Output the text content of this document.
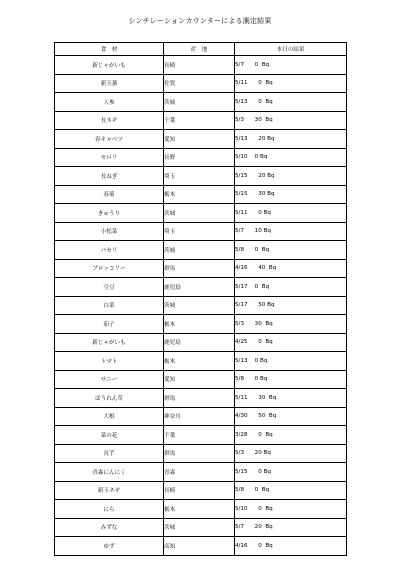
シンチレーションカウンターによる測定結果
食　材	産　地	本日の結果
新じゃがいも	長崎	5/7      0  Bq
新玉葱	佐賀	5/11      0  Bq
人参	茨城	5/13      0  Bq
長ネギ	千葉	5/3      30  Bq
春キャベツ	愛知	5/13      20 Bq
セロリ	長野	5/10    0 Bq
長ねぎ	埼玉	5/15      20 Bq
春菊	栃木	5/15      30 Bq
きゅうり	茨城	5/11      0 Bq
小松菜	埼玉	5/7      10 Bq
パセリ	茨城	5/8      0  Bq
ブロッコリー	群馬	4/16      40  Bq
空豆	鹿児島	5/17    0  Bq
白菜	茨城	5/17      50 Bq
茄子	栃木	5/3      30  Bq
新じゃがいも	鹿児島	4/25      0  Bq
トマト	栃木	5/13    0 Bq
サニー	愛知	5/8      0 Bq
ほうれん草	群馬	5/11      30  Bq
大根	神奈川	4/30      50  Bq
菜の花	千葉	3/28      0  Bq
長芋	群馬	5/3      20 Bq
青森にんにく	青森	5/15      0 Bq
新玉ネギ	長崎	5/8      0  Bq
にら	栃木	5/10      0  Bq
みずな	茨城	5/7      20  Bq
ゆず	高知	4/16      0  Bq
